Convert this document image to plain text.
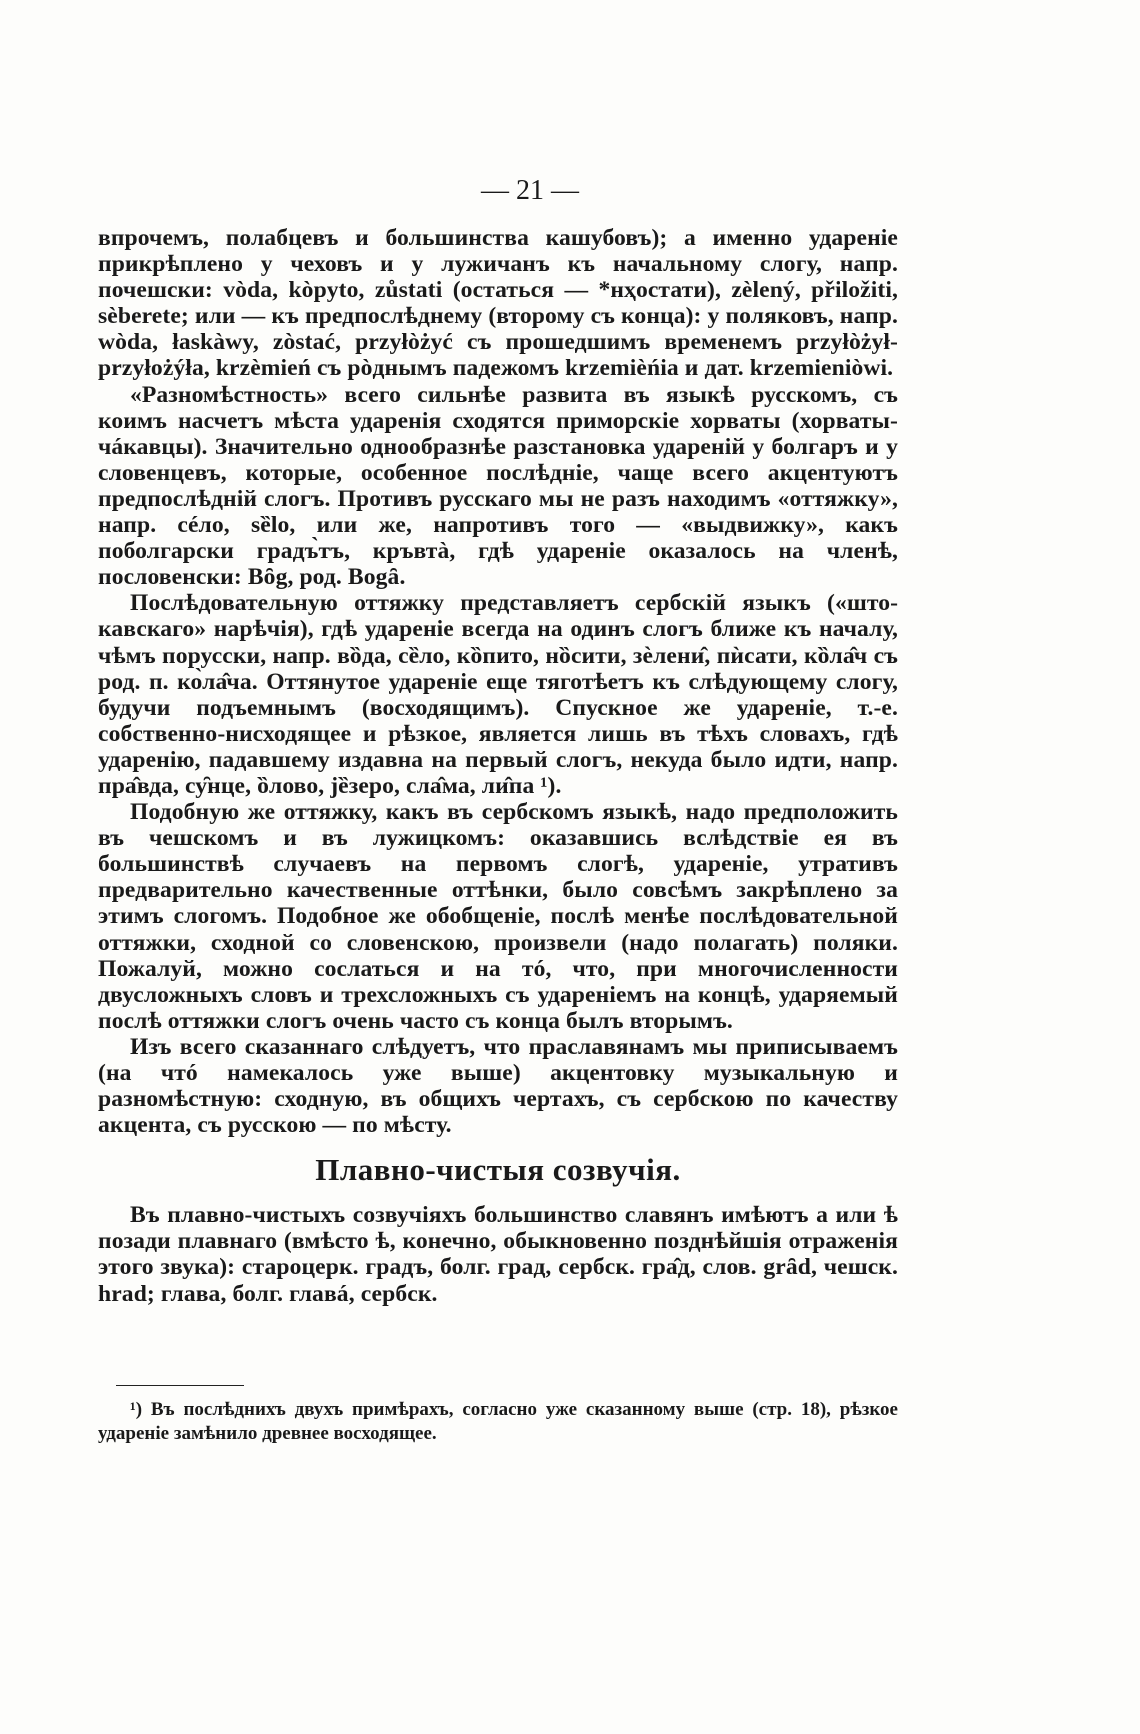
— 21 —

впрочемъ, полабцевъ и большинства кашубовъ); а именно удареніе прикрѣплено у чеховъ и у лужичанъ къ начальному слогу, напр. почешски: vòda, kòpyto, zůstati (остаться — *нҳостати), zèlený, přiložiti, sèberete; или — къ предпослѣднему (второму съ конца): у поляковъ, напр. wòda, łaskàwy, zòstać, przyłòżyć съ прошедшимъ временемъ przyłòżył-przyłożýła, krzèmień съ рòднымъ падежомъ krzemièńia и дат. krzemieniòwi.

«Разномѣстность» всего сильнѣе развита въ языкѣ русскомъ, съ коимъ насчетъ мѣста ударенія сходятся приморскіе хорваты (хорваты-чáкавцы). Значительно однообразнѣе разстановка удареній у болгаръ и у словенцевъ, которые, особенное послѣдніе, чаще всего акцентуютъ предпослѣдній слогъ. Противъ русскаго мы не разъ находимъ «оттяжку», напр. сéло, sȅlo, или же, напротивъ того — «выдвижку», какъ поболгарски градъ̀тъ, кръвтà, гдѣ удареніе оказалось на членѣ, пословенски: Bȏg, род. Bogȃ.

Послѣдовательную оттяжку представляетъ сербскій языкъ («штокавскаго» нарѣчія), гдѣ удареніе всегда на одинъ слогъ ближе къ началу, чѣмъ порусски, напр. вȍда, сȅло, кȍпито, нȍсити, зѐлени̂, пѝсати, кȍла̂ч съ род. п. ко̀ла̂ча. Оттянутое удареніе еще тяготѣетъ къ слѣдующему слогу, будучи подъемнымъ (восходящимъ). Спускное же удареніе, т.-е. собственно-нисходящее и рѣзкое, является лишь въ тѣхъ словахъ, гдѣ ударенію, падавшему издавна на первый слогъ, некуда было идти, напр. пра̂вда, су̑нце, ȍлово, jȅзеро, сла̂ма, ли̂па ¹).

Подобную же оттяжку, какъ въ сербскомъ языкѣ, надо предположить въ чешскомъ и въ лужицкомъ: оказавшись вслѣдствіе ея въ большинствѣ случаевъ на первомъ слогѣ, удареніе, утративъ предварительно качественные оттѣнки, было совсѣмъ закрѣплено за этимъ слогомъ. Подобное же обобщеніе, послѣ менѣе послѣдовательной оттяжки, сходной со словенскою, произвели (надо полагать) поляки. Пожалуй, можно сослаться и на тó, что, при многочисленности двусложныхъ словъ и трехсложныхъ съ удареніемъ на концѣ, ударяемый послѣ оттяжки слогъ очень часто съ конца былъ вторымъ.

Изъ всего сказаннаго слѣдуетъ, что праславянамъ мы приписываемъ (на чтó намекалось уже выше) акцентовку музыкальную и разномѣстную: сходную, въ общихъ чертахъ, съ сербскою по качеству акцента, съ русскою — по мѣсту.

Плавно-чистыя созвучія.

Въ плавно-чистыхъ созвучіяхъ большинство славянъ имѣютъ а или ѣ позади плавнаго (вмѣсто ѣ, конечно, обыкновенно позднѣйшія отраженія этого звука): староцерк. градъ, болг. град, сербск. гра̂д, слов. grȃd, чешск. hrad; глава, болг. главá, сербск.

¹) Въ послѣднихъ двухъ примѣрахъ, согласно уже сказанному выше (стр. 18), рѣзкое удареніе замѣнило древнее восходящее.
